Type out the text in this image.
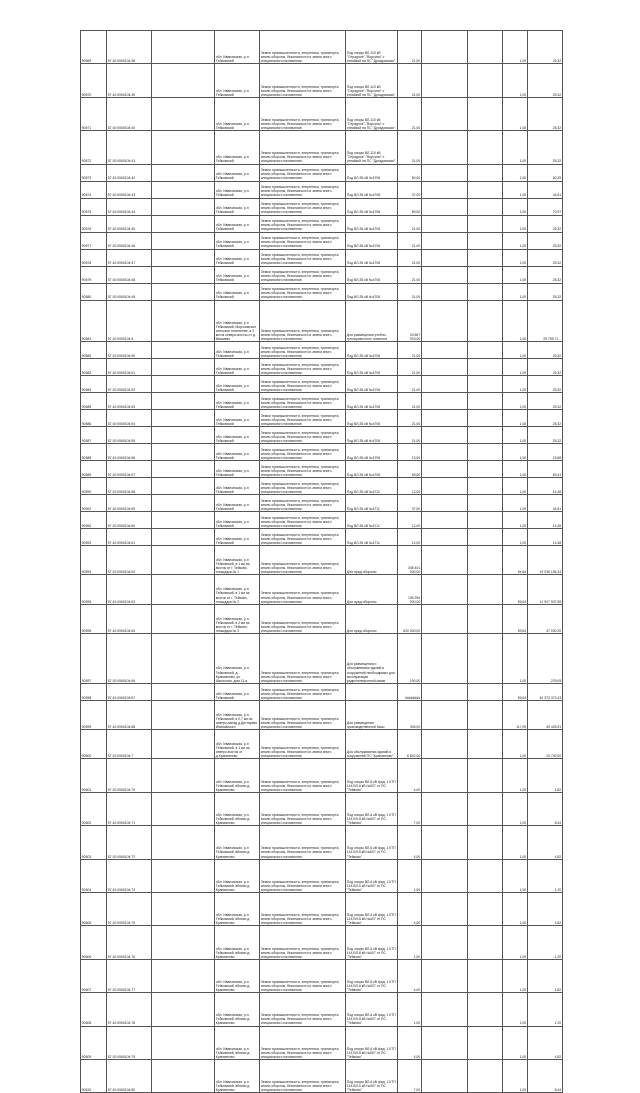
90569	57:10:0060104:38		обл. Ивановская, р-н Тейковский	Земли промышленности, энергетики, транспорта, земли обороны, безопасности и земли иного специального назначения	Под опоры ВЛ-110 кВ "Отрадное"-"Ворсино" с отпайкой на ПС "Дроздовская"	21,00			1,00	25,32
90570	57:10:0060104:39		обл. Ивановская, р-н Тейковский	Земли промышленности, энергетики, транспорта, земли обороны, безопасности и земли иного специального назначения	Под опоры ВЛ-110 кВ "Отрадное"-"Ворсино" с отпайкой на ПС "Дроздовская"	21,00			1,00	25,32
90571	57:10:0060104:40		обл. Ивановская, р-н Тейковский	Земли промышленности, энергетики, транспорта, земли обороны, безопасности и земли иного специального назначения	Под опоры ВЛ-110 кВ "Отрадное"-"Ворсино" с отпайкой на ПС "Дроздовская"	21,00			1,00	25,32
90572	57:10:0060104:41		обл. Ивановская, р-н Тейковский	Земли промышленности, энергетики, транспорта, земли обороны, безопасности и земли иного специального назначения	Под опоры ВЛ-110 кВ "Отрадное"-"Ворсино" с отпайкой на ПС "Дроздовская"	21,00			1,00	25,32
90573	57:10:0060104:42		обл. Ивановская, р-н Тейковский	Земли промышленности, энергетики, транспорта, земли обороны, безопасности и земли иного специального назначения	Под ВЛ-35 кВ №4706	50,00			1,00	60,25
90574	57:10:0060104:43		обл. Ивановская, р-н Тейковский	Земли промышленности, энергетики, транспорта, земли обороны, безопасности и земли иного специального назначения	Под ВЛ-35 кВ №4706	37,00			1,00	44,61
90575	57:10:0060104:44		обл. Ивановская, р-н Тейковский	Земли промышленности, энергетики, транспорта, земли обороны, безопасности и земли иного специального назначения	Под ВЛ-35 кВ №4706	59,00			1,00	70,97
90576	57:10:0060104:45		обл. Ивановская, р-н Тейковский	Земли промышленности, энергетики, транспорта, земли обороны, безопасности и земли иного специального назначения	Под ВЛ-35 кВ №4706	21,00			1,00	25,32
90577	57:10:0060104:46		обл. Ивановская, р-н Тейковский	Земли промышленности, энергетики, транспорта, земли обороны, безопасности и земли иного специального назначения	Под ВЛ-35 кВ №4706	21,00			1,00	25,32
90578	57:10:0060104:47		обл. Ивановская, р-н Тейковский	Земли промышленности, энергетики, транспорта, земли обороны, безопасности и земли иного специального назначения	Под ВЛ-35 кВ №4706	21,00			1,00	25,32
90579	57:10:0060104:48		обл. Ивановская, р-н Тейковский	Земли промышленности, энергетики, транспорта, земли обороны, безопасности и земли иного специального назначения	Под ВЛ-35 кВ №4706	21,00			1,00	25,32
90580	57:10:0060104:49		обл. Ивановская, р-н Тейковский	Земли промышленности, энергетики, транспорта, земли обороны, безопасности и земли иного специального назначения	Под ВЛ-35 кВ №4706	21,00			1,00	25,32
90581	57:10:0060104:5		обл. Ивановская, р-н Тейковский, Морозовское сельское поселение, в 2 км на северо-восток от д. Ивашево	Земли промышленности, энергетики, транспорта, земли обороны, безопасности и земли иного специального назначения	Для размещения учебно-тренировочного полигона	24 667 003,00			1,00	29 755 71...
90582	57:10:0060104:50		обл. Ивановская, р-н Тейковский	Земли промышленности, энергетики, транспорта, земли обороны, безопасности и земли иного специального назначения	Под ВЛ-35 кВ №4706	21,00			1,00	25,32
90583	57:10:0060104:51		обл. Ивановская, р-н Тейковский	Земли промышленности, энергетики, транспорта, земли обороны, безопасности и земли иного специального назначения	Под ВЛ-35 кВ №4706	21,00			1,00	25,32
90584	57:10:0060104:52		обл. Ивановская, р-н Тейковский	Земли промышленности, энергетики, транспорта, земли обороны, безопасности и земли иного специального назначения	Под ВЛ-35 кВ №4706	21,00			1,00	25,32
90585	57:10:0060104:53		обл. Ивановская, р-н Тейковский	Земли промышленности, энергетики, транспорта, земли обороны, безопасности и земли иного специального назначения	Под ВЛ-35 кВ №4706	21,00			1,00	25,32
90586	57:10:0060104:54		обл. Ивановская, р-н Тейковский	Земли промышленности, энергетики, транспорта, земли обороны, безопасности и земли иного специального назначения	Под ВЛ-35 кВ №4706	21,00			1,00	25,32
90587	57:10:0060104:55		обл. Ивановская, р-н Тейковский	Земли промышленности, энергетики, транспорта, земли обороны, безопасности и земли иного специального назначения	Под ВЛ-35 кВ №4706	21,00			1,00	25,32
90588	57:10:0060104:56		обл. Ивановская, р-н Тейковский	Земли промышленности, энергетики, транспорта, земли обороны, безопасности и земли иного специального назначения	Под ВЛ-35 кВ №4706	13,00			1,00	15,68
90589	57:10:0060104:57		обл. Ивановская, р-н Тейковский	Земли промышленности, энергетики, транспорта, земли обороны, безопасности и земли иного специального назначения	Под ВЛ-35 кВ №4706	69,00			1,00	83,41
90590	57:10:0060104:58		обл. Ивановская, р-н Тейковский	Земли промышленности, энергетики, транспорта, земли обороны, безопасности и земли иного специального назначения	Под ВЛ-35 кВ №4711	12,00			1,00	14,48
90591	57:10:0060104:59		обл. Ивановская, р-н Тейковский	Земли промышленности, энергетики, транспорта, земли обороны, безопасности и земли иного специального назначения	Под ВЛ-35 кВ №4711	37,00			1,00	44,61
90592	57:10:0060104:60		обл. Ивановская, р-н Тейковский	Земли промышленности, энергетики, транспорта, земли обороны, безопасности и земли иного специального назначения	Под ВЛ-35 кВ №4711	12,00			1,00	14,48
90593	57:10:0060104:61		обл. Ивановская, р-н Тейковский	Земли промышленности, энергетики, транспорта, земли обороны, безопасности и земли иного специального назначения	Под ВЛ-35 кВ №4711	12,00			1,00	14,48
90594	57:10:0060104:62		обл. Ивановская, р-н Тейковский, в 1 км на восток от г. Тейково, площадка № 1	Земли промышленности, энергетики, транспорта, земли обороны, безопасности и земли иного специального назначения	Для нужд обороны	348 401 000,00			54,64	19 036 156,34
90595	57:10:0060104:63		обл. Ивановская, р-н Тейковский, в 1 км на восток от г. Тейково, площадка № 2	Земли промышленности, энергетики, транспорта, земли обороны, безопасности и земли иного специального назначения	Для нужд обороны	199 254 000,00			59,64	11 907 937,55
90596	57:10:0060104:64		обл. Ивановская, р-н Тейковский, в 2 км на восток от г. Тейково, площадка № 3	Земли промышленности, энергетики, транспорта, земли обороны, безопасности и земли иного специального назначения	Для нужд обороны	620 000,00			59,64	37 030,20
90597	57:10:0060104:66		обл. Ивановская, р-н Тейковский, д. Крапивново, ул. Школьная, дом 11-а	Земли промышленности, энергетики, транспорта, земли обороны, безопасности и земли иного специального назначения	Для размещения и обслуживания зданий и сооружений необходимых для эксплуатации радиотелефонной связи	190,00			1,00	229,05
90598	57:10:0060104:67		обл. Ивановская, р-н Тейковский	Земли промышленности, энергетики, транспорта, земли обороны, безопасности и земли иного специального назначения		########			59,64	40 373 372,43
90599	57:10:0060104:68		обл. Ивановская, р-н Тейковский, в 0,7 км на северо-запад д.Дегтярево Ивановского	Земли промышленности, энергетики, транспорта, земли обороны, безопасности и земли иного специального назначения	Для размещения производственной базы	305,00			117,09	49 425,91
90600	57:10:0060104:7		обл. Ивановская, р-н Тейковский, в 1 км на северо-восток от д.Крапивново	Земли промышленности, энергетики, транспорта, земли обороны, безопасности и земли иного специального назначения	Для обслуживания зданий и сооружений ПС "Крапивново"	6 842,00			1,00	10 740,00
90601	57:10:0060104:70		обл. Ивановская, р-н Тейковский, вблизи д. Крапивново	Земли промышленности, энергетики, транспорта, земли обороны, безопасности и земли иного специального назначения	Под опоры ВЛ-6 кВ фид. 1 КТП 144 ВЛ-6 кВ №607 от ПС "Тейково"	4,00			1,00	4,82
90602	57:10:0060104:71		обл. Ивановская, р-н Тейковский, вблизи д. Крапивново	Земли промышленности, энергетики, транспорта, земли обороны, безопасности и земли иного специального назначения	Под опоры ВЛ-6 кВ фид. 1 КТП 144 ВЛ-6 кВ №607 от ПС "Тейково"	7,00			1,00	8,44
90603	57:10:0060104:72		обл. Ивановская, р-н Тейковский, вблизи д. Крапивново	Земли промышленности, энергетики, транспорта, земли обороны, безопасности и земли иного специального назначения	Под опоры ВЛ-6 кВ фид. 1 КТП 144 ВЛ-6 кВ №607 от ПС "Тейково"	4,00			1,00	4,82
90604	57:10:0060104:74		обл. Ивановская, р-н Тейковский, вблизи д. Крапивново	Земли промышленности, энергетики, транспорта, земли обороны, безопасности и земли иного специального назначения	Под опоры ВЛ-6 кВ фид. 1 КТП 144 ВЛ-6 кВ №607 от ПС "Тейково"	1,00			1,00	1,20
90605	57:10:0060104:75		обл. Ивановская, р-н Тейковский, вблизи д. Крапивново	Земли промышленности, энергетики, транспорта, земли обороны, безопасности и земли иного специального назначения	Под опоры ВЛ-6 кВ фид. 1 КТП 144 ВЛ-6 кВ №607 от ПС "Тейково"	4,00			1,00	4,82
90606	57:10:0060104:76		обл. Ивановская, р-н Тейковский, вблизи д. Крапивново	Земли промышленности, энергетики, транспорта, земли обороны, безопасности и земли иного специального назначения	Под опоры ВЛ-6 кВ фид. 1 КТП 144 ВЛ-6 кВ №607 от ПС "Тейково"	1,00			1,00	1,20
90607	57:10:0060104:77		обл. Ивановская, р-н Тейковский, вблизи д. Крапивново	Земли промышленности, энергетики, транспорта, земли обороны, безопасности и земли иного специального назначения	Под опоры ВЛ-6 кВ фид. 1 КТП 144 ВЛ-6 кВ №607 от ПС "Тейково"	4,00			1,00	4,82
90608	57:10:0060104:78		обл. Ивановская, р-н Тейковский, вблизи д. Крапивново	Земли промышленности, энергетики, транспорта, земли обороны, безопасности и земли иного специального назначения	Под опоры ВЛ-6 кВ фид. 1 КТП 144 ВЛ-6 кВ №607 от ПС "Тейково"	1,00			1,00	1,20
90609	57:10:0060104:79		обл. Ивановская, р-н Тейковский, вблизи д. Крапивново	Земли промышленности, энергетики, транспорта, земли обороны, безопасности и земли иного специального назначения	Под опоры ВЛ-6 кВ фид. 1 КТП 144 ВЛ-6 кВ №607 от ПС "Тейково"	4,00			1,00	4,82
90610	57:10:0060104:80		обл. Ивановская, р-н Тейковский, вблизи д. Крапивново	Земли промышленности, энергетики, транспорта, земли обороны, безопасности и земли иного специального назначения	Под опоры ВЛ-6 кВ фид. 1 КТП 144 ВЛ-6 кВ №607 от ПС "Тейково"	7,00			1,00	8,44
